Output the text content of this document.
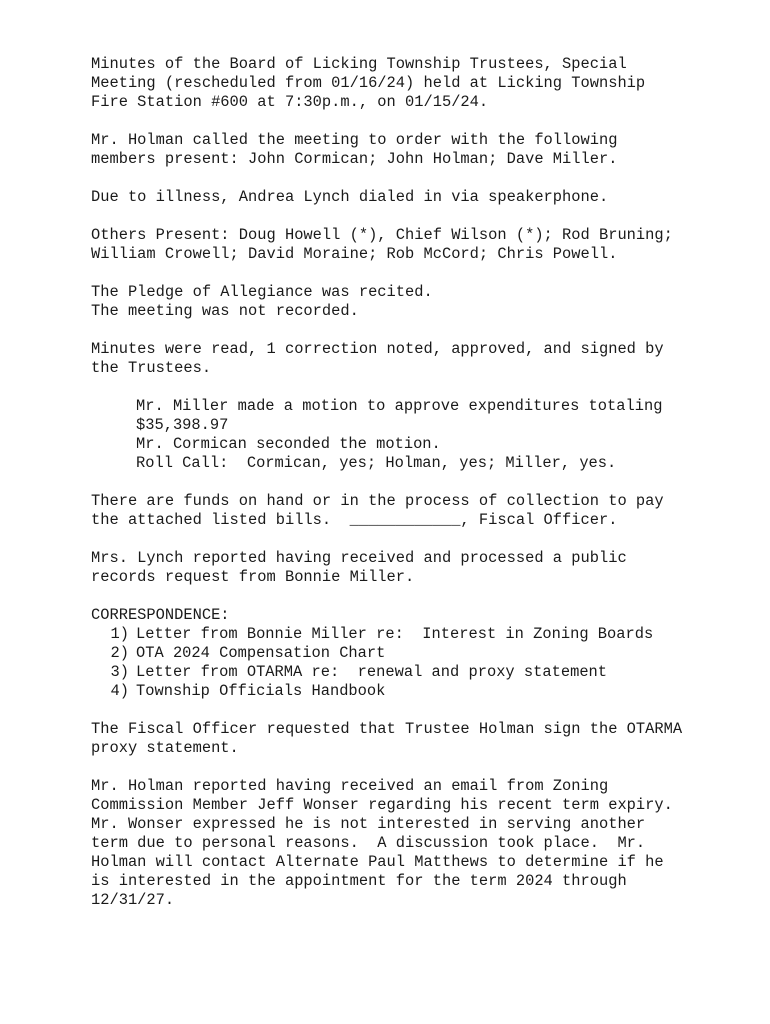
Minutes of the Board of Licking Township Trustees, Special
Meeting (rescheduled from 01/16/24) held at Licking Township
Fire Station #600 at 7:30p.m., on 01/15/24.
Mr. Holman called the meeting to order with the following
members present: John Cormican; John Holman; Dave Miller.
Due to illness, Andrea Lynch dialed in via speakerphone.
Others Present: Doug Howell (*), Chief Wilson (*); Rod Bruning;
William Crowell; David Moraine; Rob McCord; Chris Powell.
The Pledge of Allegiance was recited.
The meeting was not recorded.
Minutes were read, 1 correction noted, approved, and signed by
the Trustees.
Mr. Miller made a motion to approve expenditures totaling
$35,398.97
Mr. Cormican seconded the motion.
Roll Call:  Cormican, yes; Holman, yes; Miller, yes.
There are funds on hand or in the process of collection to pay
the attached listed bills.  ____________, Fiscal Officer.
Mrs. Lynch reported having received and processed a public
records request from Bonnie Miller.
CORRESPONDENCE:
1) Letter from Bonnie Miller re:  Interest in Zoning Boards
2) OTA 2024 Compensation Chart
3) Letter from OTARMA re:  renewal and proxy statement
4) Township Officials Handbook
The Fiscal Officer requested that Trustee Holman sign the OTARMA
proxy statement.
Mr. Holman reported having received an email from Zoning
Commission Member Jeff Wonser regarding his recent term expiry.
Mr. Wonser expressed he is not interested in serving another
term due to personal reasons.  A discussion took place.  Mr.
Holman will contact Alternate Paul Matthews to determine if he
is interested in the appointment for the term 2024 through
12/31/27.
